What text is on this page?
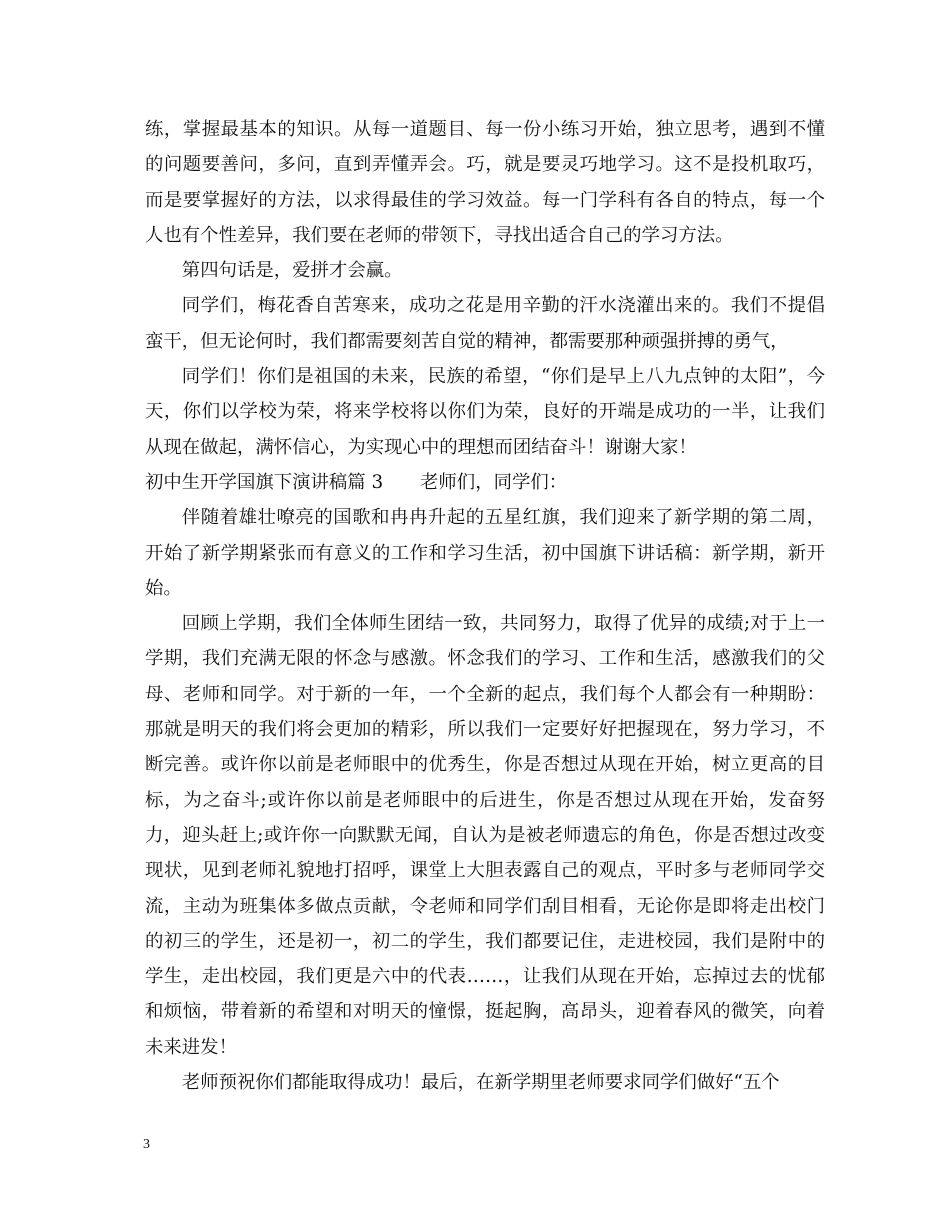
练，掌握最基本的知识。从每一道题目、每一份小练习开始，独立思考，遇到不懂的问题要善问，多问，直到弄懂弄会。巧，就是要灵巧地学习。这不是投机取巧，而是要掌握好的方法，以求得最佳的学习效益。每一门学科有各自的特点，每一个人也有个性差异，我们要在老师的带领下，寻找出适合自己的学习方法。

第四句话是，爱拼才会赢。

同学们，梅花香自苦寒来，成功之花是用辛勤的汗水浇灌出来的。我们不提倡蛮干，但无论何时，我们都需要刻苦自觉的精神，都需要那种顽强拼搏的勇气，

同学们！你们是祖国的未来，民族的希望，“你们是早上八九点钟的太阳”，今天，你们以学校为荣，将来学校将以你们为荣，良好的开端是成功的一半，让我们从现在做起，满怀信心，为实现心中的理想而团结奋斗！谢谢大家！

初中生开学国旗下演讲稿篇 3　　老师们，同学们：

伴随着雄壮嘹亮的国歌和冉冉升起的五星红旗，我们迎来了新学期的第二周，开始了新学期紧张而有意义的工作和学习生活，初中国旗下讲话稿：新学期，新开始。

回顾上学期，我们全体师生团结一致，共同努力，取得了优异的成绩;对于上一学期，我们充满无限的怀念与感激。怀念我们的学习、工作和生活，感激我们的父母、老师和同学。对于新的一年，一个全新的起点，我们每个人都会有一种期盼：那就是明天的我们将会更加的精彩，所以我们一定要好好把握现在，努力学习，不断完善。或许你以前是老师眼中的优秀生，你是否想过从现在开始，树立更高的目标，为之奋斗;或许你以前是老师眼中的后进生，你是否想过从现在开始，发奋努力，迎头赶上;或许你一向默默无闻，自认为是被老师遗忘的角色，你是否想过改变现状，见到老师礼貌地打招呼，课堂上大胆表露自己的观点，平时多与老师同学交流，主动为班集体多做点贡献，令老师和同学们刮目相看，无论你是即将走出校门的初三的学生，还是初一，初二的学生，我们都要记住，走进校园，我们是附中的学生，走出校园，我们更是六中的代表……，让我们从现在开始，忘掉过去的忧郁和烦恼，带着新的希望和对明天的憧憬，挺起胸，高昂头，迎着春风的微笑，向着未来进发！

老师预祝你们都能取得成功！最后，在新学期里老师要求同学们做好“五个

3
